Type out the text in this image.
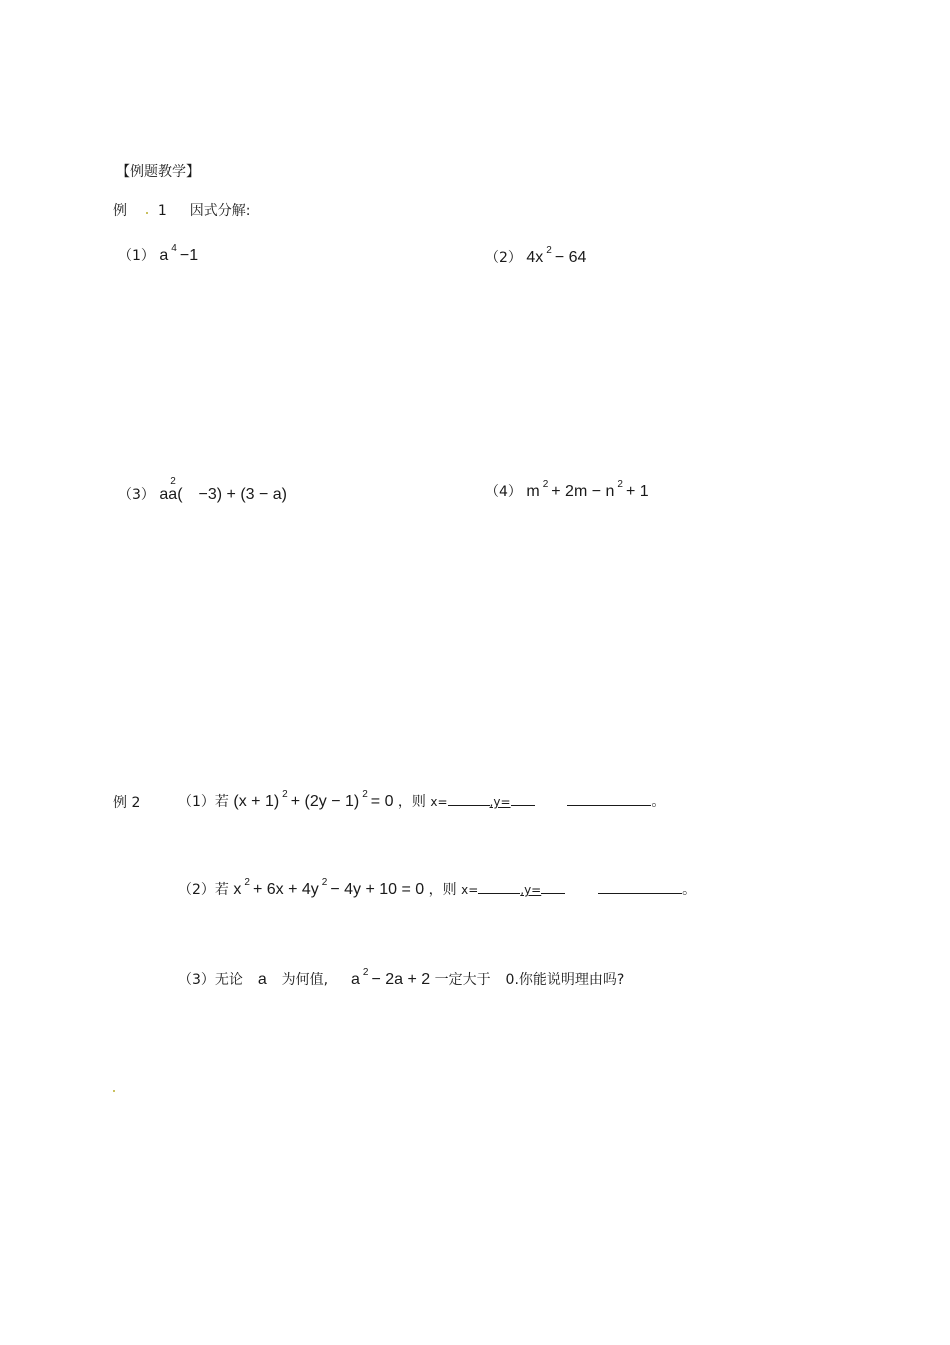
【例题教学】
例 1 因式分解:
（1） a $^4$ −1	（2） 4x $^2$ − 64
（3） aa
2
(　−3) + (3 − a)	（4） m $^2$ + 2m − n $^2$ + 1
例 2	（1）若 (x + 1) $^2$ + (2y − 1) $^2$ = 0 ，则 x=	,y=	。
（2）若 x $^2$ + 6x + 4y $^2$ − 4y + 10 = 0 ，则 x=	,y=	。
（3）无论 a 为何值, a $^2$ − 2a + 2 一定大于 0.你能说明理由吗?
